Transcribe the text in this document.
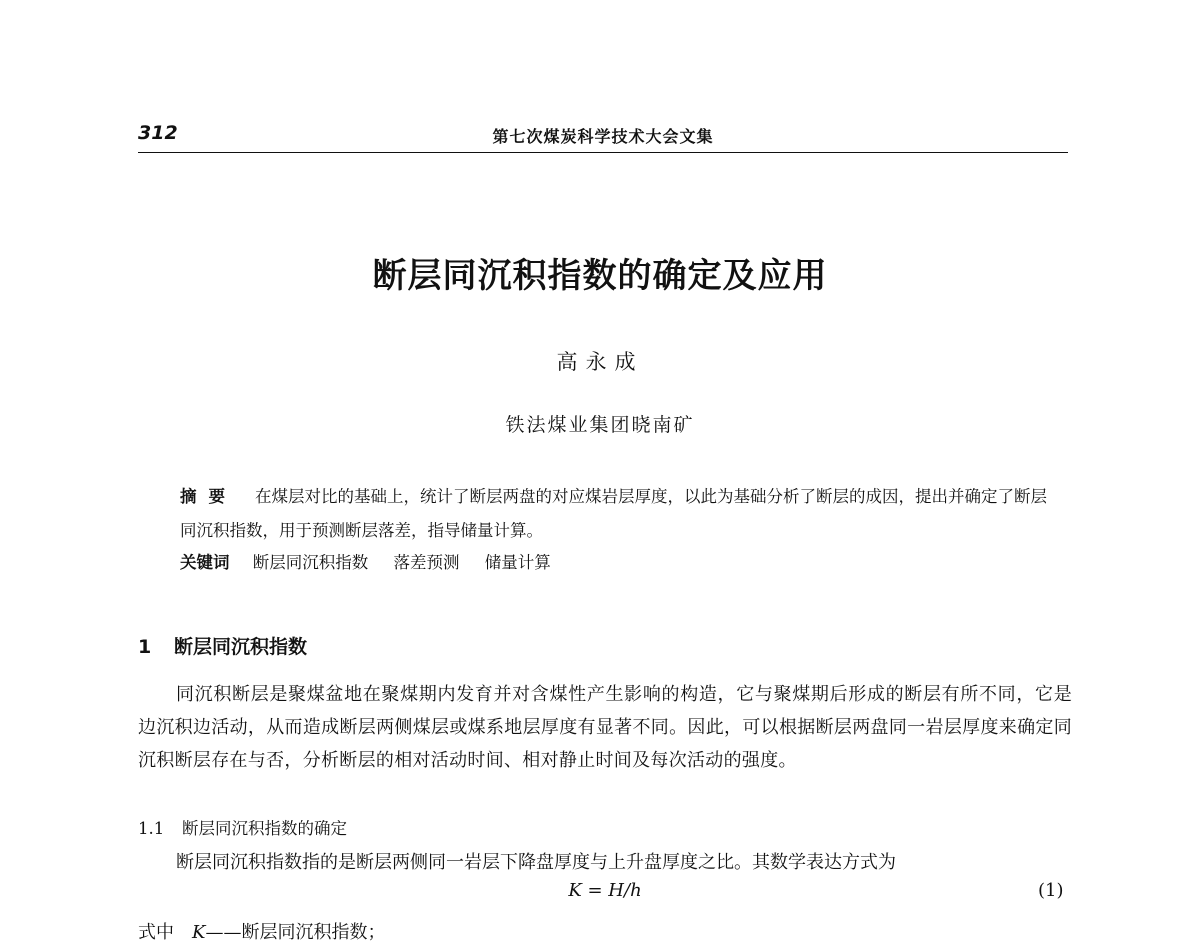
312	第七次煤炭科学技术大会文集
断层同沉积指数的确定及应用
高永成
铁法煤业集团晓南矿
摘要 在煤层对比的基础上，统计了断层两盘的对应煤岩层厚度，以此为基础分析了断层的成因，提出并确定了断层同沉积指数，用于预测断层落差，指导储量计算。
关键词 断层同沉积指数 落差预测 储量计算
1 断层同沉积指数

同沉积断层是聚煤盆地在聚煤期内发育并对含煤性产生影响的构造，它与聚煤期后形成的断层有所不同，它是边沉积边活动，从而造成断层两侧煤层或煤系地层厚度有显著不同。因此，可以根据断层两盘同一岩层厚度来确定同沉积断层存在与否，分析断层的相对活动时间、相对静止时间及每次活动的强度。

1.1 断层同沉积指数的确定
断层同沉积指数指的是断层两侧同一岩层下降盘厚度与上升盘厚度之比。其数学表达方式为
K = H/h	(1)
式中 K——断层同沉积指数；
